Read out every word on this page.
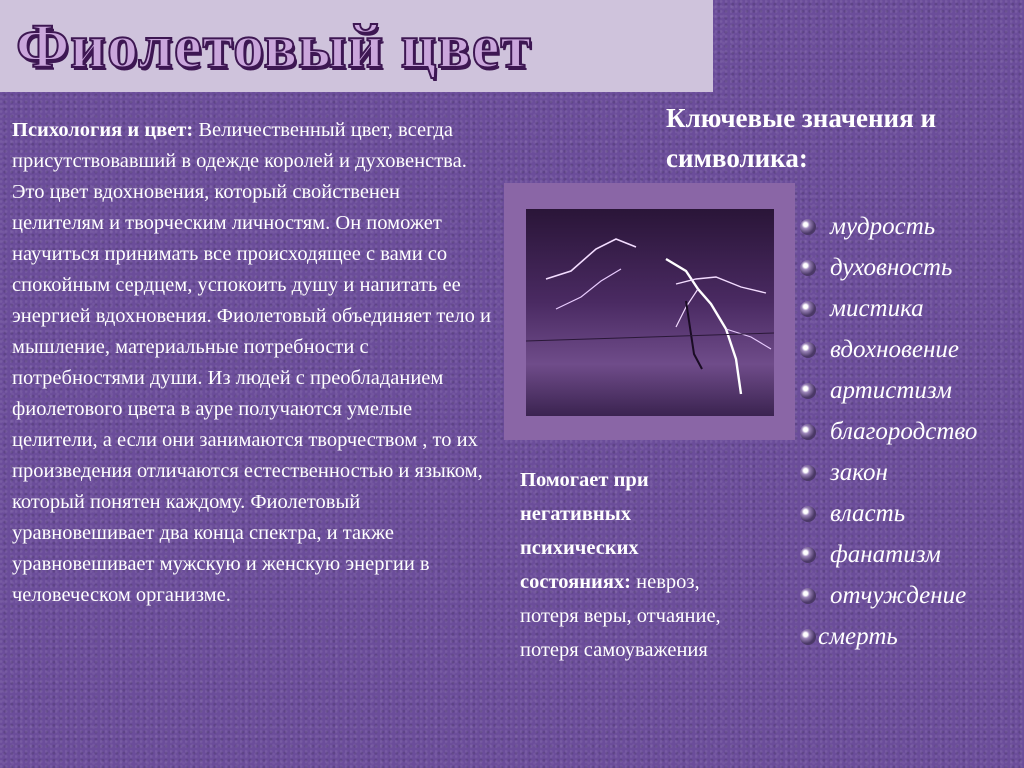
Фиолетовый цвет
Психология и цвет: Величественный цвет, всегда присутствовавший в одежде королей и духовенства. Это цвет вдохновения, который свойственен целителям и творческим личностям. Он поможет научиться принимать все происходящее с вами со спокойным сердцем, успокоить душу и напитать ее энергией вдохновения. Фиолетовый объединяет тело и мышление, материальные потребности с потребностями души. Из людей с преобладанием фиолетового цвета в ауре получаются умелые целители, а если они занимаются творчеством , то их произведения отличаются естественностью и языком, который понятен каждому. Фиолетовый уравновешивает два конца спектра, и также уравновешивает мужскую и женскую энергии в человеческом организме.
Ключевые значения и символика:
Помогает при негативных психических состояниях: невроз, потеря веры, отчаяние, потеря самоуважения
мудрость
духовность
мистика
вдохновение
артистизм
благородство
закон
власть
фанатизм
отчуждение
смерть
